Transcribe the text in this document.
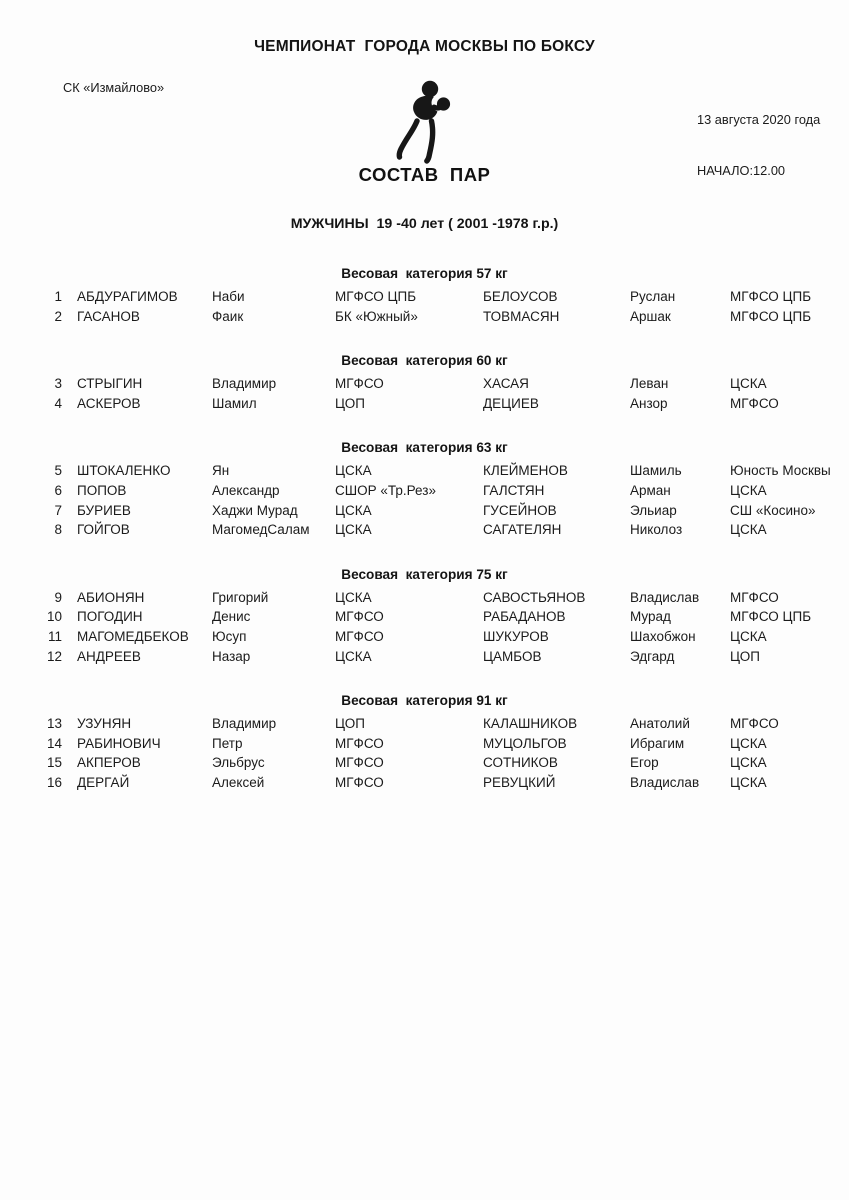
ЧЕМПИОНАТ  ГОРОДА МОСКВЫ ПО БОКСУ
СК «Измайлово»

13 августа 2020 года

НАЧАЛО:12.00

СОСТАВ  ПАР
МУЖЧИНЫ  19 -40 лет ( 2001 -1978 г.р.)
Весовая  категория 57 кг
1	АБДУРАГИМОВ	Наби	МГФСО ЦПБ	БЕЛОУСОВ	Руслан	МГФСО ЦПБ
2	ГАСАНОВ	Фаик	БК «Южный»	ТОВМАСЯН	Аршак	МГФСО ЦПБ
Весовая  категория 60 кг
3	СТРЫГИН	Владимир	МГФСО	ХАСАЯ	Леван	ЦСКА
4	АСКЕРОВ	Шамил	ЦОП	ДЕЦИЕВ	Анзор	МГФСО
Весовая  категория 63 кг
5	ШТОКАЛЕНКО	Ян	ЦСКА	КЛЕЙМЕНОВ	Шамиль	Юность Москвы
6	ПОПОВ	Александр	СШОР «Тр.Рез»	ГАЛСТЯН	Арман	ЦСКА
7	БУРИЕВ	Хаджи Мурад	ЦСКА	ГУСЕЙНОВ	Эльиар	СШ «Косино»
8	ГОЙГОВ	МагомедСалам	ЦСКА	САГАТЕЛЯН	Николоз	ЦСКА
Весовая  категория 75 кг
9	АБИОНЯН	Григорий	ЦСКА	САВОСТЬЯНОВ	Владислав	МГФСО
10	ПОГОДИН	Денис	МГФСО	РАБАДАНОВ	Мурад	МГФСО ЦПБ
11	МАГОМЕДБЕКОВ	Юсуп	МГФСО	ШУКУРОВ	Шахобжон	ЦСКА
12	АНДРЕЕВ	Назар	ЦСКА	ЦАМБОВ	Эдгард	ЦОП
Весовая  категория 91 кг
13	УЗУНЯН	Владимир	ЦОП	КАЛАШНИКОВ	Анатолий	МГФСО
14	РАБИНОВИЧ	Петр	МГФСО	МУЦОЛЬГОВ	Ибрагим	ЦСКА
15	АКПЕРОВ	Эльбрус	МГФСО	СОТНИКОВ	Егор	ЦСКА
16	ДЕРГАЙ	Алексей	МГФСО	РЕВУЦКИЙ	Владислав	ЦСКА
